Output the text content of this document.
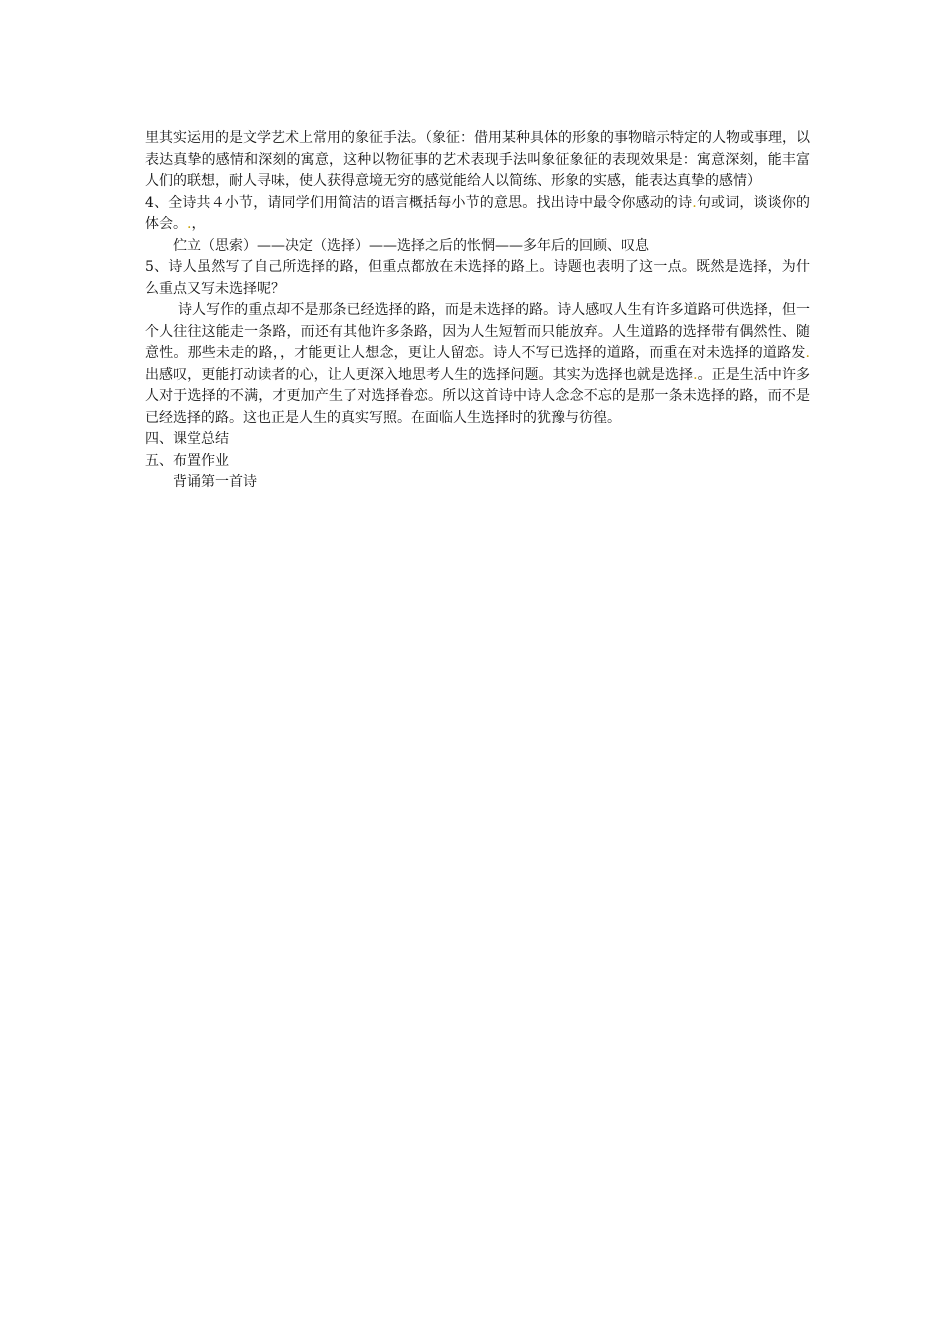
里其实运用的是文学艺术上常用的象征手法。（象征：借用某种具体的形象的事物暗示特定的人物或事理，以表达真挚的感情和深刻的寓意，这种以物征事的艺术表现手法叫象征象征的表现效果是：寓意深刻，能丰富人们的联想，耐人寻味，使人获得意境无穷的感觉能给人以简练、形象的实感，能表达真挚的感情）

4、全诗共４小节，请同学们用简洁的语言概括每小节的意思。找出诗中最令你感动的诗.句或词，谈谈你的体会。.，

伫立（思索）——决定（选择）——选择之后的怅惘——多年后的回顾、叹息

5、诗人虽然写了自己所选择的路，但重点都放在未选择的路上。诗题也表明了这一点。既然是选择，为什么重点又写未选择呢？

诗人写作的重点却不是那条已经选择的路，而是未选择的路。诗人感叹人生有许多道路可供选择，但一个人往往这能走一条路，而还有其他许多条路，因为人生短暂而只能放弃。人生道路的选择带有偶然性、随意性。那些未走的路，，才能更让人想念，更让人留恋。诗人不写已选择的道路，而重在对未选择的道路发.出感叹，更能打动读者的心，让人更深入地思考人生的选择问题。其实为选择也就是选择.。正是生活中许多人对于选择的不满，才更加产生了对选择眷恋。所以这首诗中诗人念念不忘的是那一条未选择的路，而不是已经选择的路。这也正是人生的真实写照。在面临人生选择时的犹豫与彷徨。

四、课堂总结

五、布置作业

背诵第一首诗
